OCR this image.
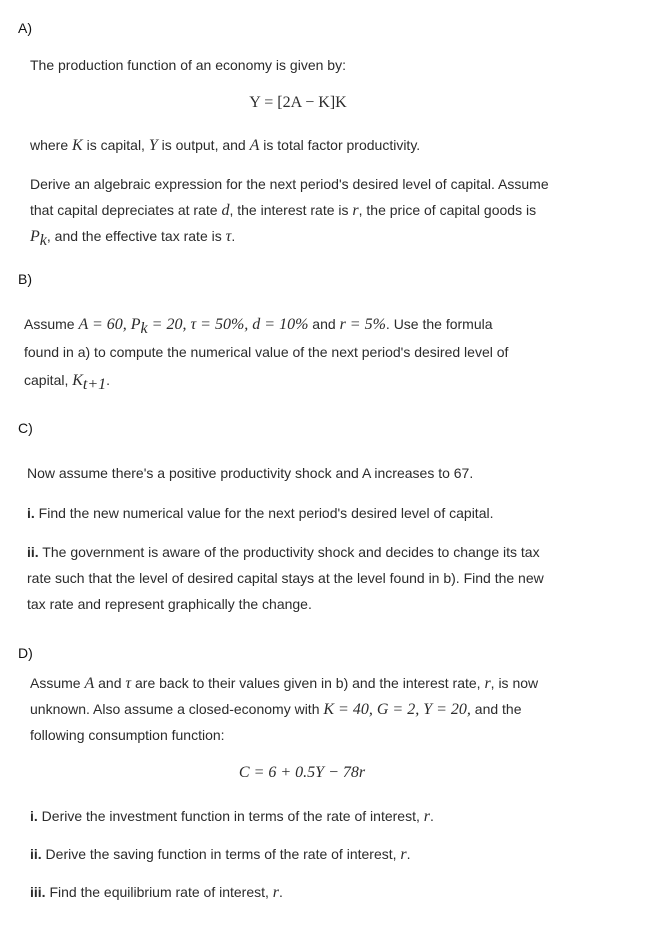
A)
The production function of an economy is given by:
Y = [2A − K]K
where K is capital, Y is output, and A is total factor productivity.
Derive an algebraic expression for the next period's desired level of capital. Assume
that capital depreciates at rate d, the interest rate is r, the price of capital goods is
$P_k$, and the effective tax rate is τ.
B)
Assume A = 60, $P_k = 20$, τ = 50%, d = 10% and r = 5%. Use the formula
found in a) to compute the numerical value of the next period's desired level of
capital, $K_{t+1}$.
C)
Now assume there's a positive productivity shock and A increases to 67.
i. Find the new numerical value for the next period's desired level of capital.
ii. The government is aware of the productivity shock and decides to change its tax
rate such that the level of desired capital stays at the level found in b). Find the new
tax rate and represent graphically the change.
D)
Assume A and τ are back to their values given in b) and the interest rate, r, is now
unknown. Also assume a closed-economy with K = 40, G = 2, Y = 20, and the
following consumption function:
C = 6 + 0.5Y − 78r
i. Derive the investment function in terms of the rate of interest, r.
ii. Derive the saving function in terms of the rate of interest, r.
iii. Find the equilibrium rate of interest, r.
